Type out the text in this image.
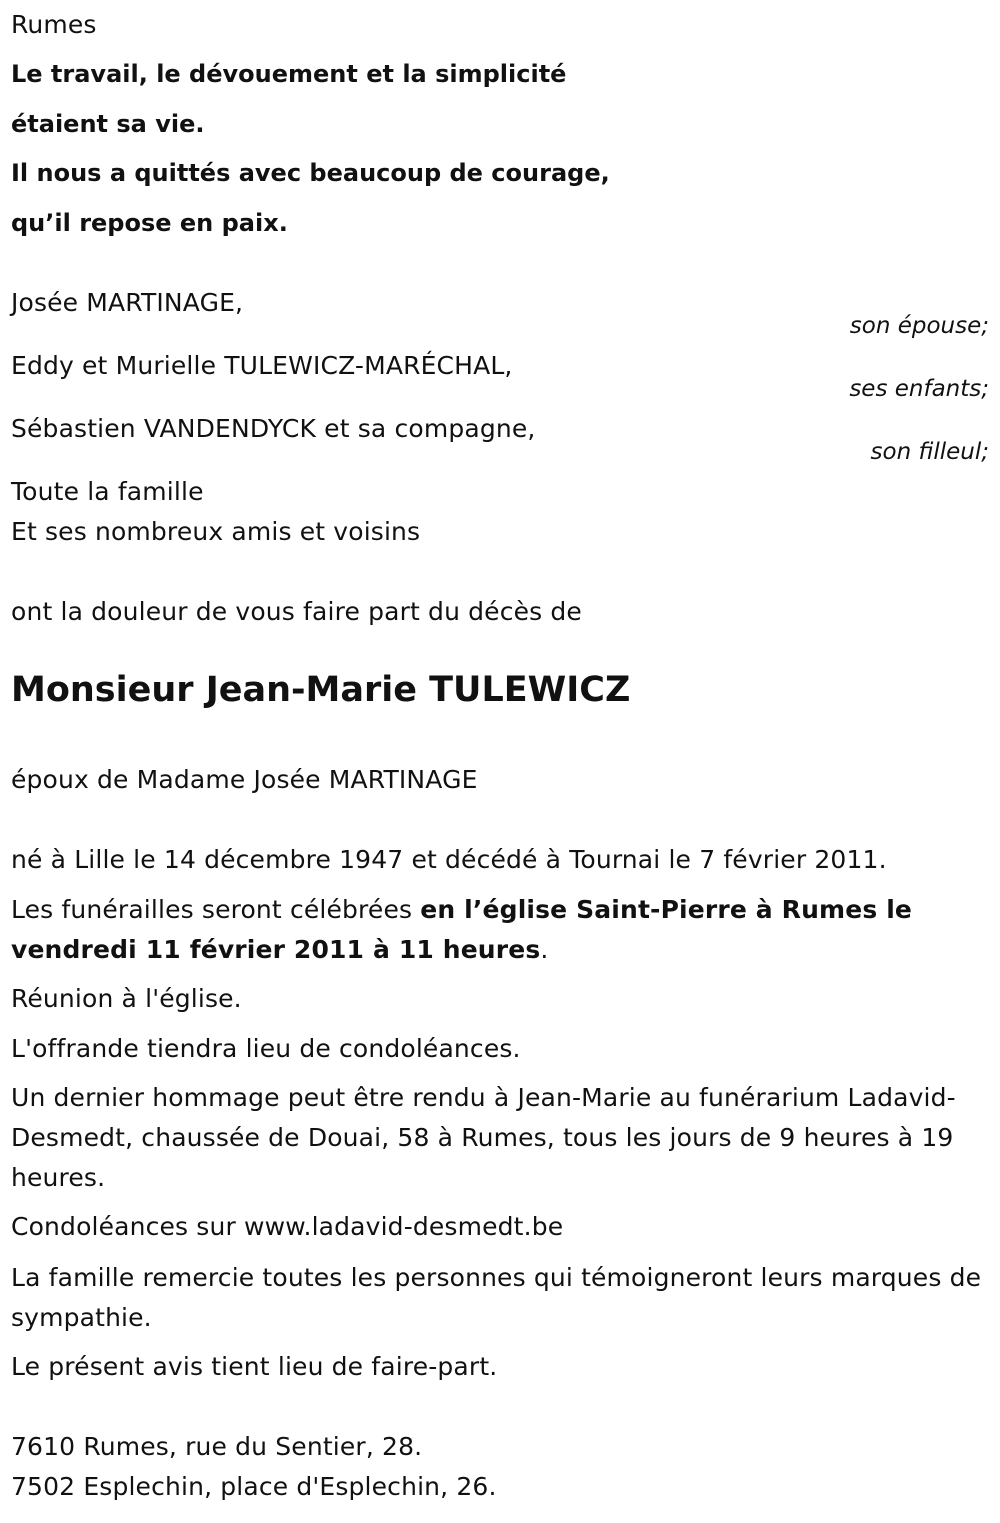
Rumes

Le travail, le dévouement et la simplicité

étaient sa vie.

Il nous a quittés avec beaucoup de courage,

qu’il repose en paix.

Josée MARTINAGE,

son épouse;

Eddy et Murielle TULEWICZ-MARÉCHAL,

ses enfants;

Sébastien VANDENDYCK et sa compagne,

son filleul;

Toute la famille

Et ses nombreux amis et voisins

ont la douleur de vous faire part du décès de

Monsieur Jean-Marie TULEWICZ

époux de Madame Josée MARTINAGE

né à Lille le 14 décembre 1947 et décédé à Tournai le 7 février 2011.

Les funérailles seront célébrées en l’église Saint-Pierre à Rumes le vendredi 11 février 2011 à 11 heures.

Réunion à l'église.

L'offrande tiendra lieu de condoléances.

Un dernier hommage peut être rendu à Jean-Marie au funérarium Ladavid-Desmedt, chaussée de Douai, 58 à Rumes, tous les jours de 9 heures à 19 heures.

Condoléances sur www.ladavid-desmedt.be

La famille remercie toutes les personnes qui témoigneront leurs marques de sympathie.

Le présent avis tient lieu de faire-part.

7610 Rumes, rue du Sentier, 28.

7502 Esplechin, place d'Esplechin, 26.
